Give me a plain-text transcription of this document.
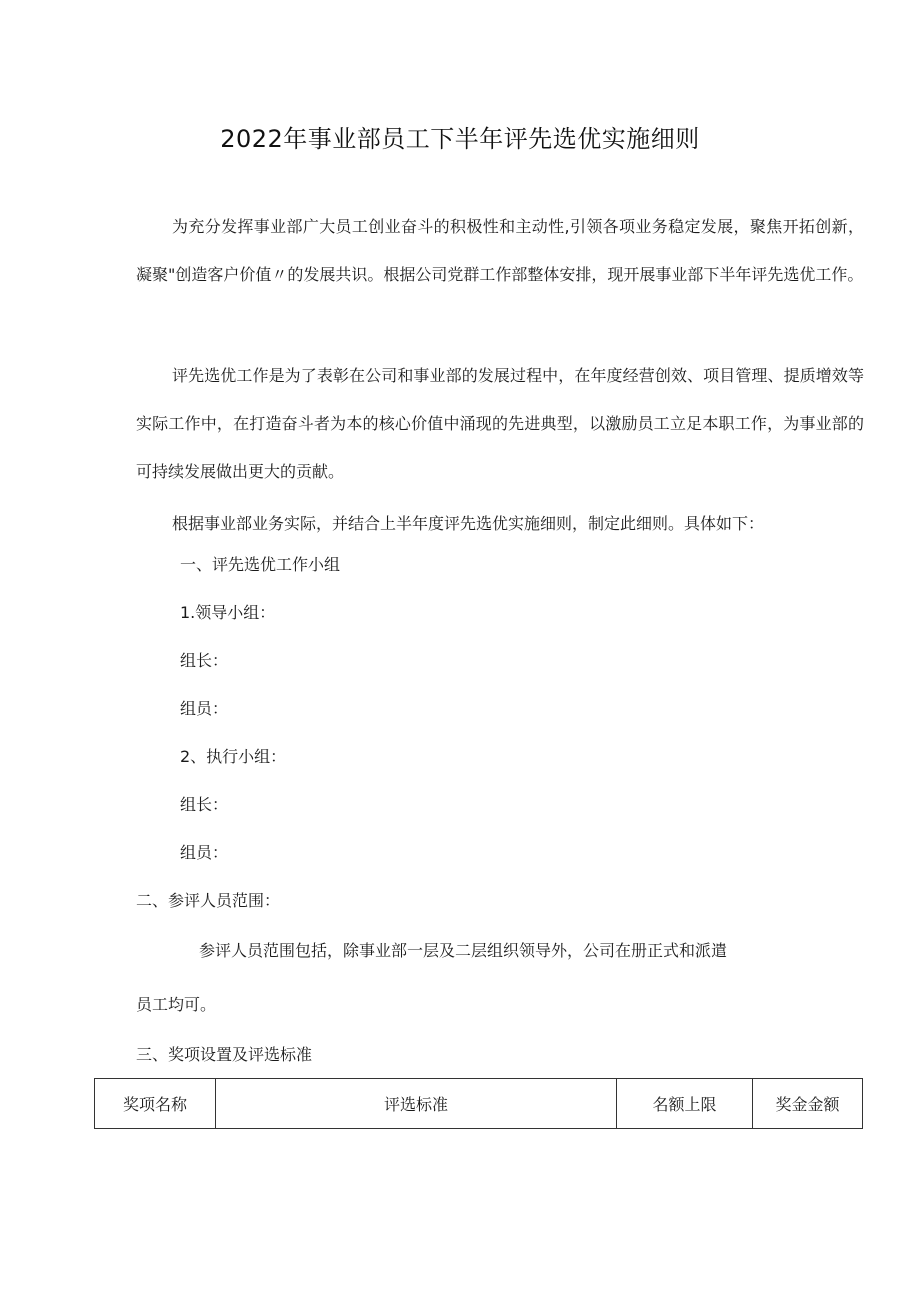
2022年事业部员工下半年评先选优实施细则
为充分发挥事业部广大员工创业奋斗的积极性和主动性,引领各项业务稳定发展，聚焦开拓创新，凝聚"创造客户价值〃的发展共识。根据公司党群工作部整体安排，现开展事业部下半年评先选优工作。
评先选优工作是为了表彰在公司和事业部的发展过程中，在年度经营创效、项目管理、提质增效等实际工作中，在打造奋斗者为本的核心价值中涌现的先进典型，以激励员工立足本职工作，为事业部的可持续发展做出更大的贡献。
根据事业部业务实际，并结合上半年度评先选优实施细则，制定此细则。具体如下：
一、评先选优工作小组
1.领导小组：
组长：
组员：
2、执行小组：
组长：
组员：
二、参评人员范围：
参评人员范围包括，除事业部一层及二层组织领导外，公司在册正式和派遣
员工均可。
三、奖项设置及评选标准
奖项名称	评选标准	名额上限	奖金金额
